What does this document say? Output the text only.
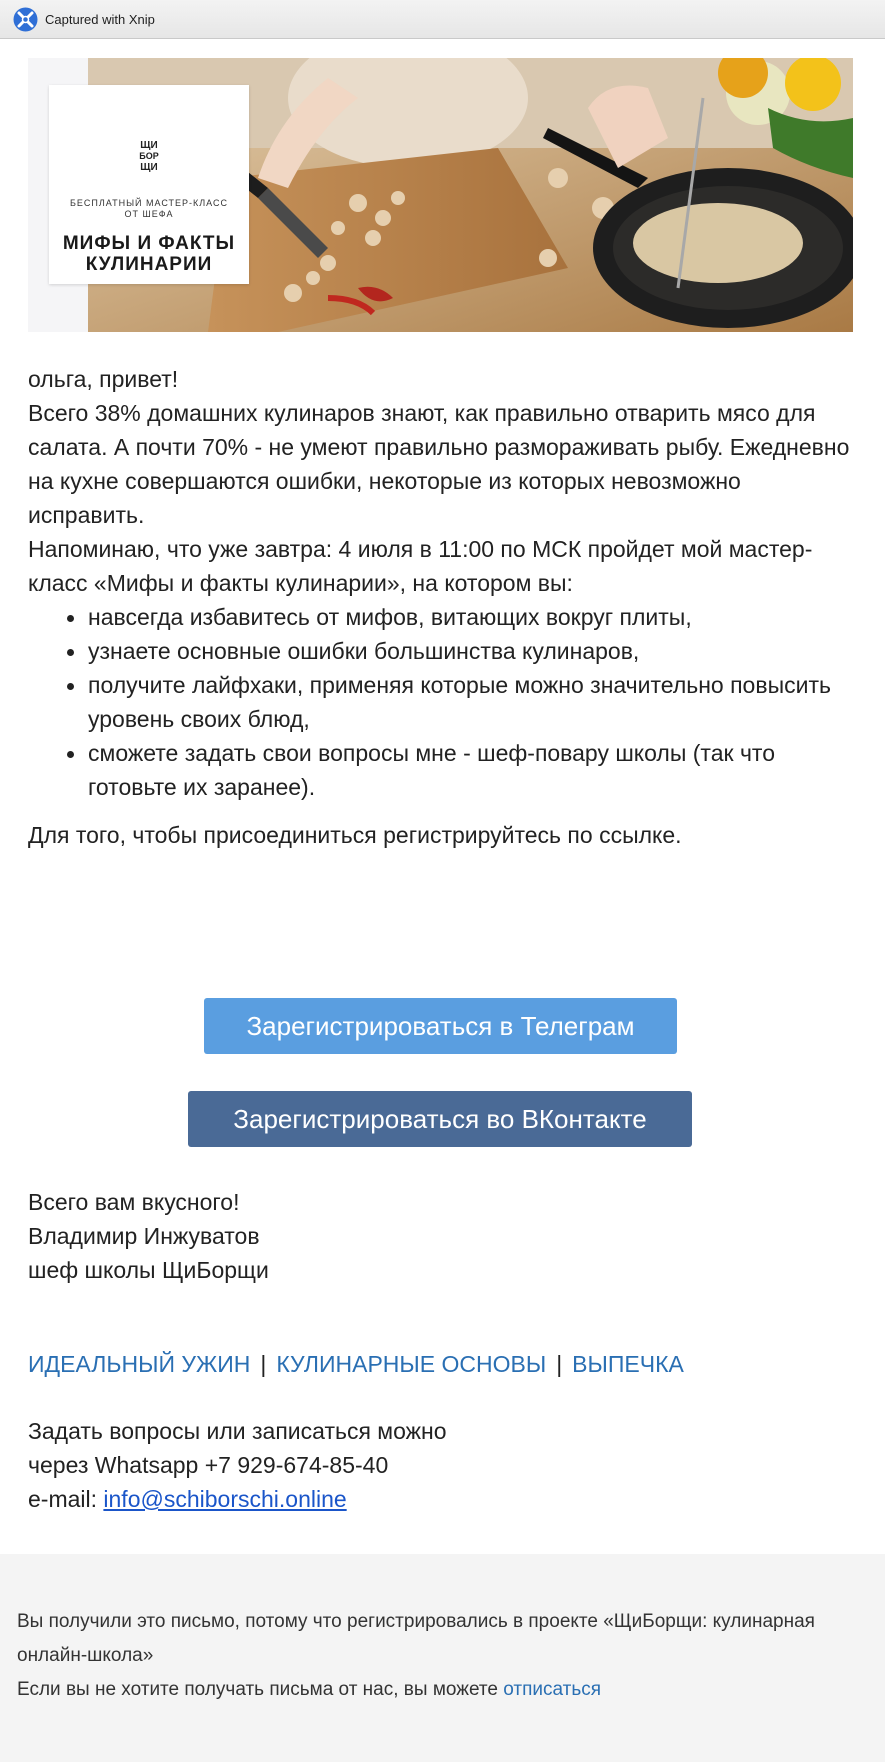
Captured with Xnip
ЩИ
БОР
ЩИ
БЕСПЛАТНЫЙ МАСТЕР-КЛАСС
ОТ ШЕФА
МИФЫ И ФАКТЫ
КУЛИНАРИИ

ольга, привет!

Всего 38% домашних кулинаров знают, как правильно отварить мясо для салата. А почти 70% - не умеют правильно размораживать рыбу. Ежедневно на кухне совершаются ошибки, некоторые из которых невозможно исправить.

Напоминаю, что уже завтра: 4 июля в 11:00 по МСК пройдет мой мастер-класс «Мифы и факты кулинарии», на котором вы:

навсегда избавитесь от мифов, витающих вокруг плиты,
узнаете основные ошибки большинства кулинаров,
получите лайфхаки, применяя которые можно значительно повысить уровень своих блюд,
сможете задать свои вопросы мне - шеф-повару школы (так что готовьте их заранее).

Для того, чтобы присоединиться регистрируйтесь по ссылке.

Зарегистрироваться в Телеграм
Зарегистрироваться во ВКонтакте
Всего вам вкусного!
Владимир Инжуватов
шеф школы ЩиБорщи
ИДЕАЛЬНЫЙ УЖИН | КУЛИНАРНЫЕ ОСНОВЫ | ВЫПЕЧКА
Задать вопросы или записаться можно
через Whatsapp +7 929-674-85-40
e-mail: info@schiborschi.online
Вы получили это письмо, потому что регистрировались в проекте «ЩиБорщи: кулинарная онлайн-школа»
Если вы не хотите получать письма от нас, вы можете отписаться
